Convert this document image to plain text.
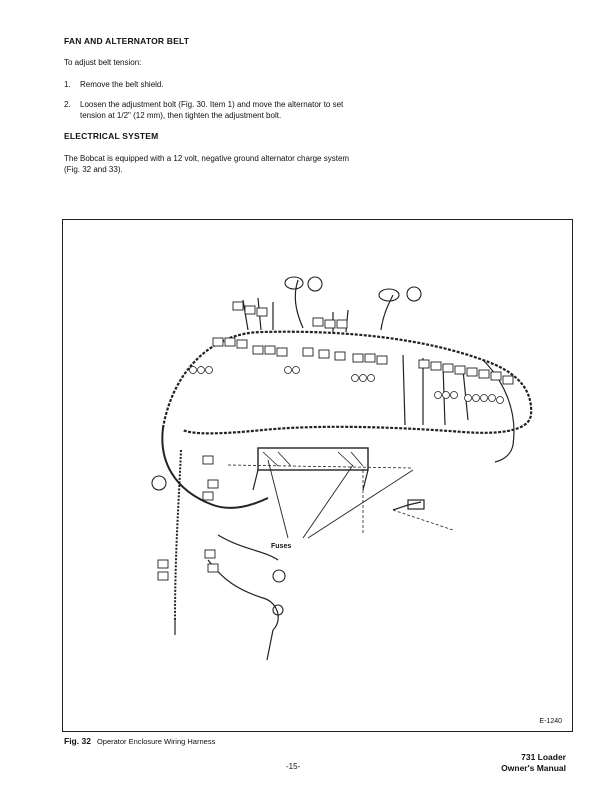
FAN AND ALTERNATOR BELT
To adjust belt tension:
1. Remove the belt shield.
2. Loosen the adjustment bolt (Fig. 30. Item 1) and move the alternator to set
tension at 1/2" (12 mm), then tighten the adjustment bolt.
ELECTRICAL SYSTEM
The Bobcat is equipped with a 12 volt, negative ground alternator charge system
(Fig. 32 and 33).
Fuses
E-1240
Fig. 32 Operator Enclosure Wiring Harness
-15-
731 Loader
Owner's Manual
